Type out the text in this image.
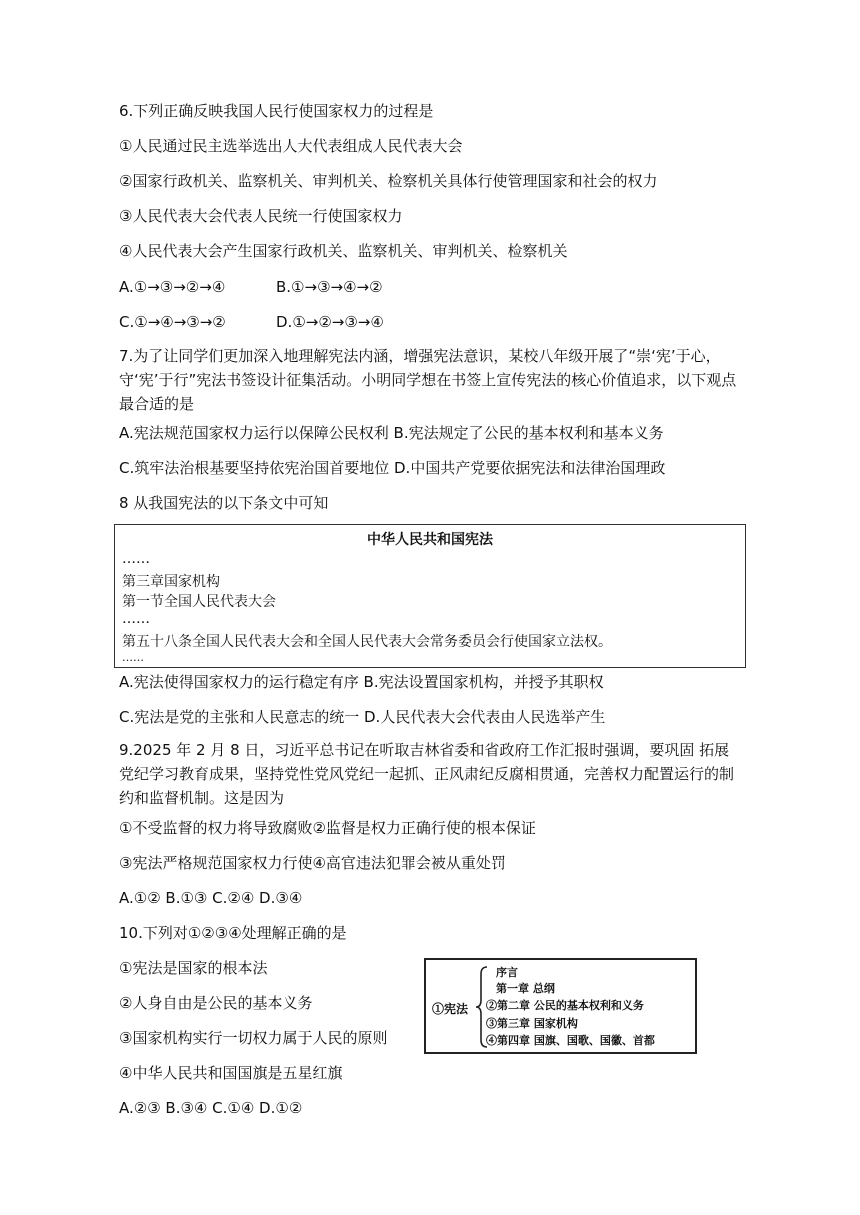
6.下列正确反映我国人民行使国家权力的过程是
①人民通过民主选举选出人大代表组成人民代表大会
②国家行政机关、监察机关、审判机关、检察机关具体行使管理国家和社会的权力
③人民代表大会代表人民统一行使国家权力
④人民代表大会产生国家行政机关、监察机关、审判机关、检察机关
A.①→③→②→④	B.①→③→④→②
C.①→④→③→②	D.①→②→③→④
7.为了让同学们更加深入地理解宪法内涵，增强宪法意识，某校八年级开展了“崇‘宪’于心，守‘宪’于行”宪法书签设计征集活动。小明同学想在书签上宣传宪法的核心价值追求，以下观点最合适的是
A.宪法规范国家权力运行以保障公民权利 B.宪法规定了公民的基本权利和基本义务
C.筑牢法治根基要坚持依宪治国首要地位 D.中国共产党要依据宪法和法律治国理政
8 从我国宪法的以下条文中可知
中华人民共和国宪法
……
第三章国家机构
第一节全国人民代表大会
……
第五十八条全国人民代表大会和全国人民代表大会常务委员会行使国家立法权。
……
A.宪法使得国家权力的运行稳定有序 B.宪法设置国家机构，并授予其职权
C.宪法是党的主张和人民意志的统一 D.人民代表大会代表由人民选举产生
9.2025 年 2 月 8 日，习近平总书记在听取吉林省委和省政府工作汇报时强调，要巩固 拓展党纪学习教育成果，坚持党性党风党纪一起抓、正风肃纪反腐相贯通，完善权力配置运行的制约和监督机制。这是因为
①不受监督的权力将导致腐败②监督是权力正确行使的根本保证
③宪法严格规范国家权力行使④高官违法犯罪会被从重处罚
A.①② B.①③ C.②④ D.③④
10.下列对①②③④处理解正确的是
①宪法是国家的根本法
②人身自由是公民的基本义务
③国家机构实行一切权力属于人民的原则
④中华人民共和国国旗是五星红旗
A.②③ B.③④ C.①④ D.①②
①宪法
序言
第一章 总纲
②第二章 公民的基本权利和义务
③第三章 国家机构
④第四章 国旗、国歌、国徽、首都
